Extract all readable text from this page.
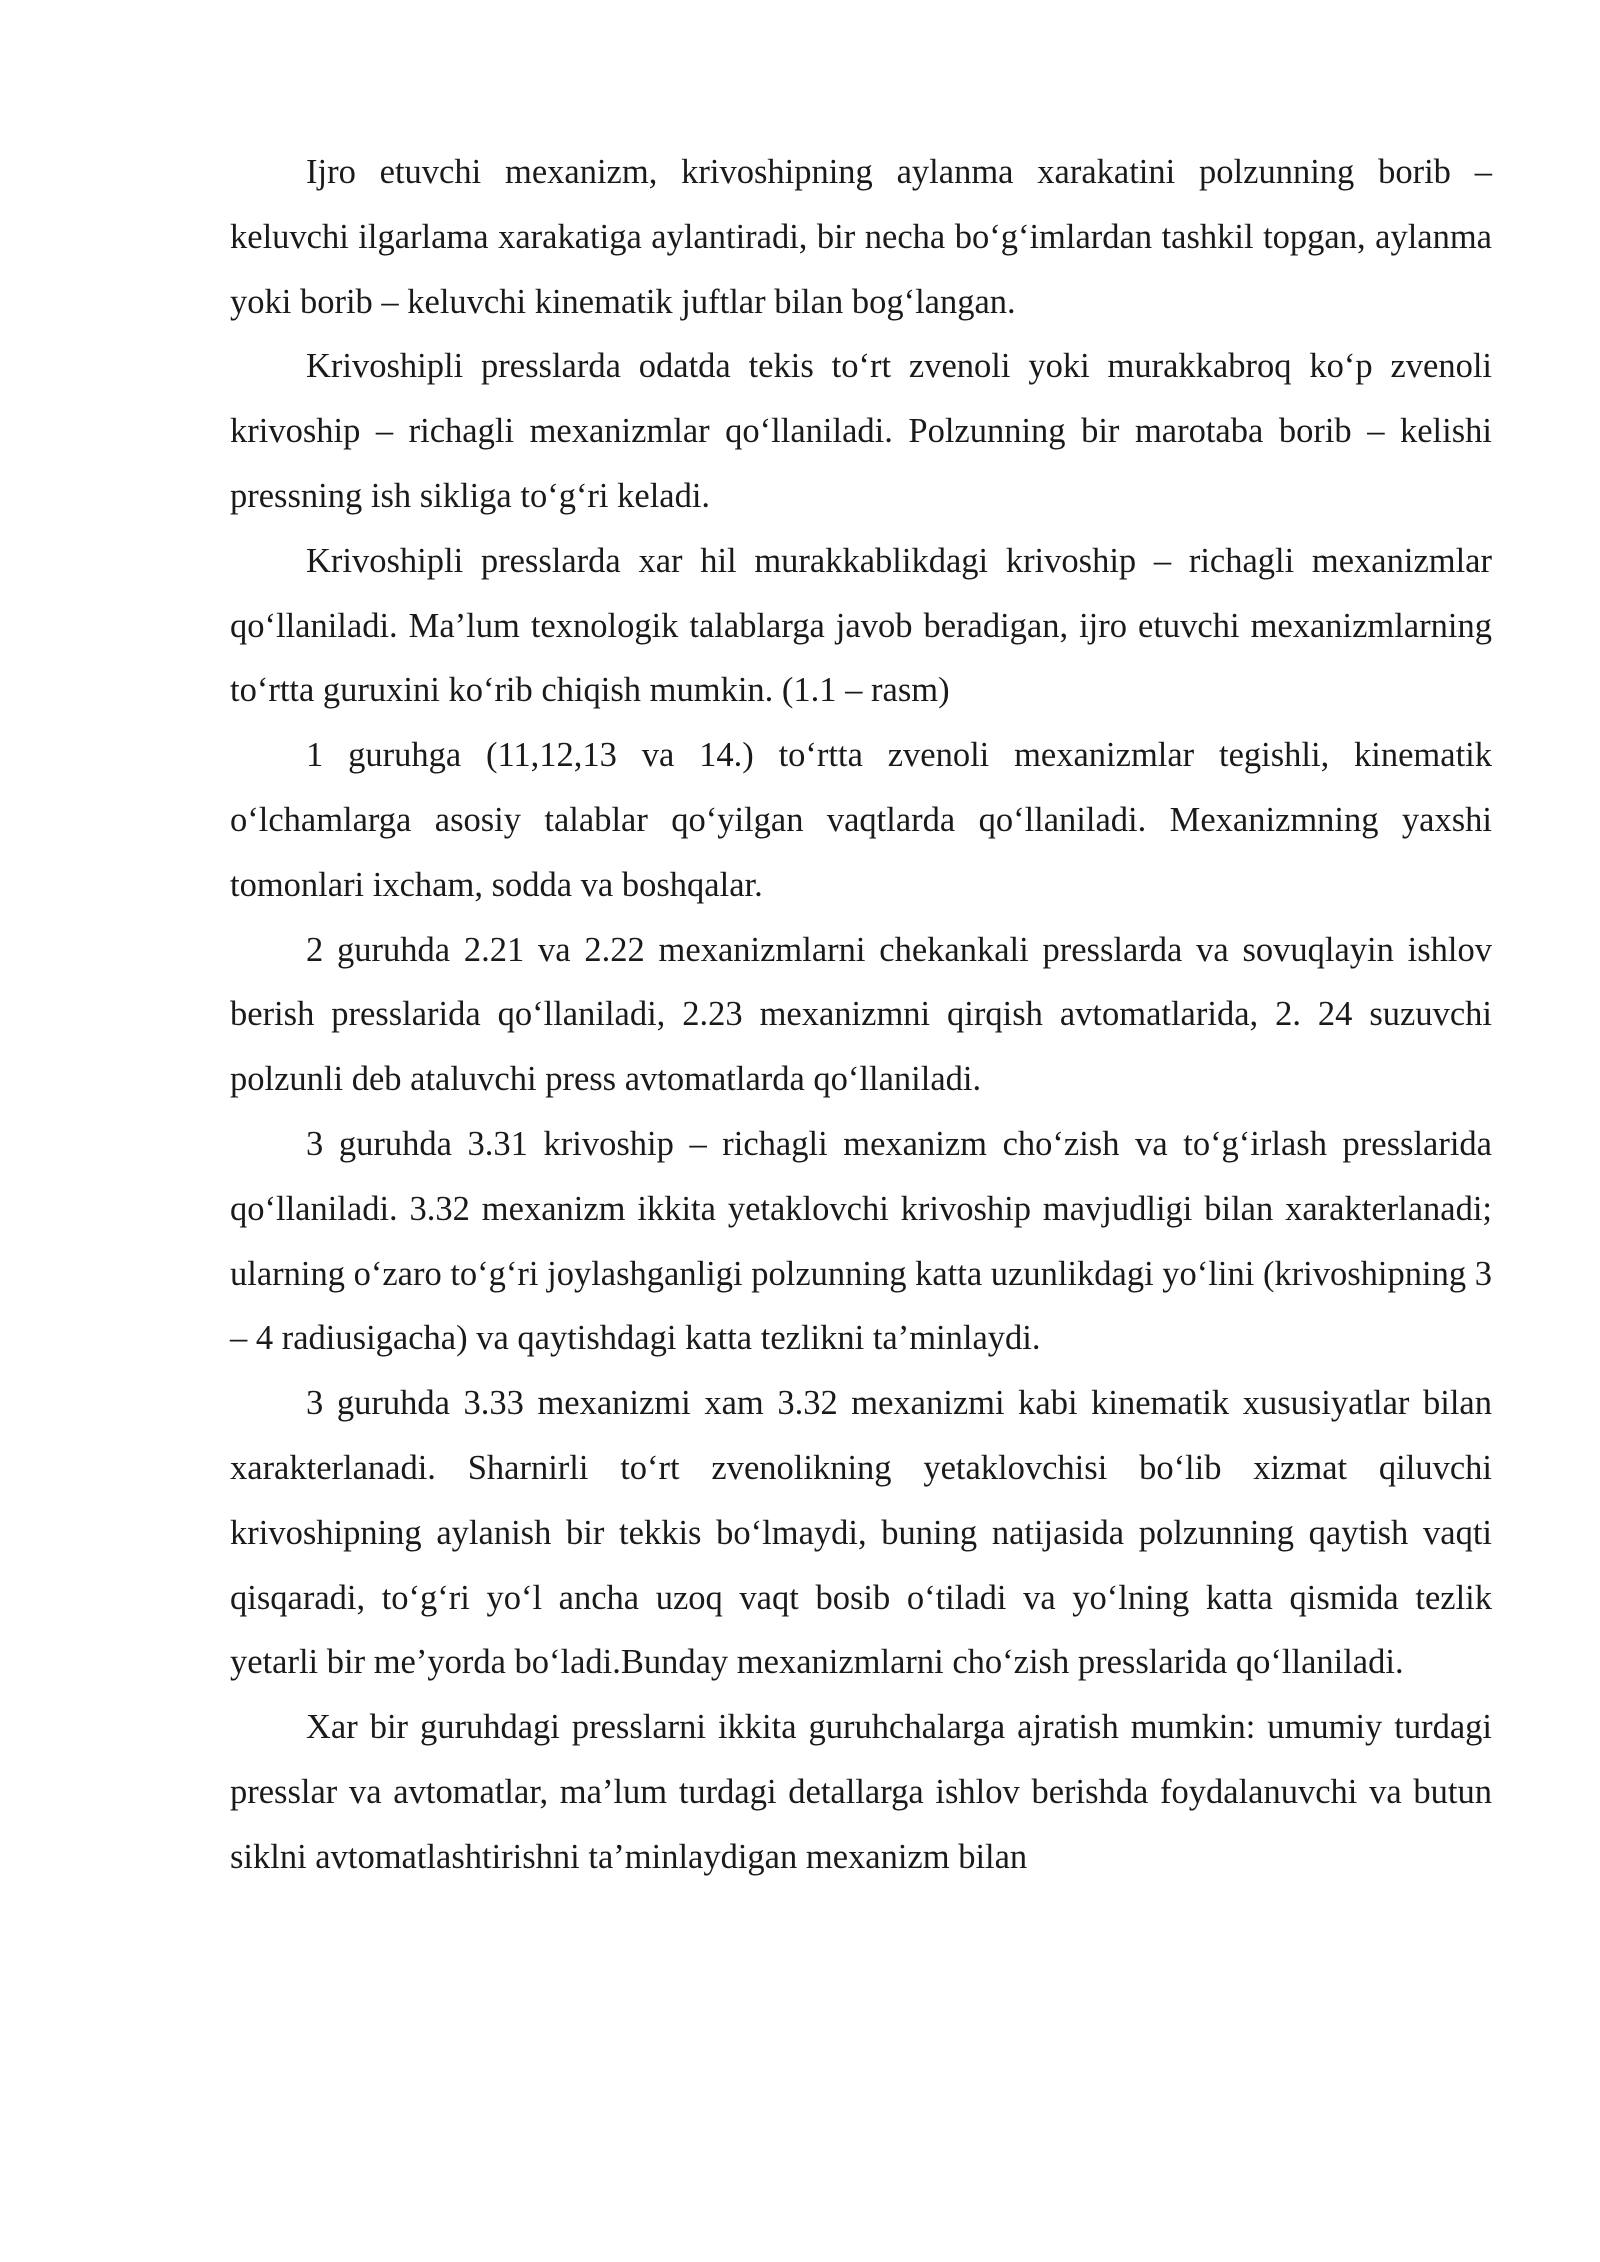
Ijro etuvchi mexanizm, krivoshipning aylanma xarakatini polzunning borib – keluvchi ilgarlama xarakatiga aylantiradi, bir necha bo‘g‘imlardan tashkil topgan, aylanma yoki borib – keluvchi kinematik juftlar bilan bog‘langan.

Krivoshipli presslarda odatda tekis to‘rt zvenoli yoki murakkabroq ko‘p zvenoli krivoship – richagli mexanizmlar qo‘llaniladi. Polzunning bir marotaba borib – kelishi pressning ish sikliga to‘g‘ri keladi.

Krivoshipli presslarda xar hil murakkablikdagi krivoship – richagli mexanizmlar qo‘llaniladi. Ma’lum texnologik talablarga javob beradigan, ijro etuvchi mexanizmlarning to‘rtta guruxini ko‘rib chiqish mumkin. (1.1 – rasm)

1 guruhga (11,12,13 va 14.) to‘rtta zvenoli mexanizmlar tegishli, kinematik o‘lchamlarga asosiy talablar qo‘yilgan vaqtlarda qo‘llaniladi. Mexanizmning yaxshi tomonlari ixcham, sodda va boshqalar.

2 guruhda 2.21 va 2.22 mexanizmlarni chekankali presslarda va sovuqlayin ishlov berish presslarida qo‘llaniladi, 2.23 mexanizmni qirqish avtomatlarida, 2. 24 suzuvchi polzunli deb ataluvchi press avtomatlarda qo‘llaniladi.

3 guruhda 3.31 krivoship – richagli mexanizm cho‘zish va to‘g‘irlash presslarida qo‘llaniladi. 3.32 mexanizm ikkita yetaklovchi krivoship mavjudligi bilan xarakterlanadi; ularning o‘zaro to‘g‘ri joylashganligi polzunning katta uzunlikdagi yo‘lini (krivoshipning 3 – 4 radiusigacha) va qaytishdagi katta tezlikni ta’minlaydi.

3 guruhda 3.33 mexanizmi xam 3.32 mexanizmi kabi kinematik xususiyatlar bilan xarakterlanadi. Sharnirli to‘rt zvenolikning yetaklovchisi bo‘lib xizmat qiluvchi krivoshipning aylanish bir tekkis bo‘lmaydi, buning natijasida polzunning qaytish vaqti qisqaradi, to‘g‘ri yo‘l ancha uzoq vaqt bosib o‘tiladi va yo‘lning katta qismida tezlik yetarli bir me’yorda bo‘ladi.Bunday mexanizmlarni cho‘zish presslarida qo‘llaniladi.

Xar bir guruhdagi presslarni ikkita guruhchalarga ajratish mumkin: umumiy turdagi presslar va avtomatlar, ma’lum turdagi detallarga ishlov berishda foydalanuvchi va butun siklni avtomatlashtirishni ta’minlaydigan mexanizm bilan
